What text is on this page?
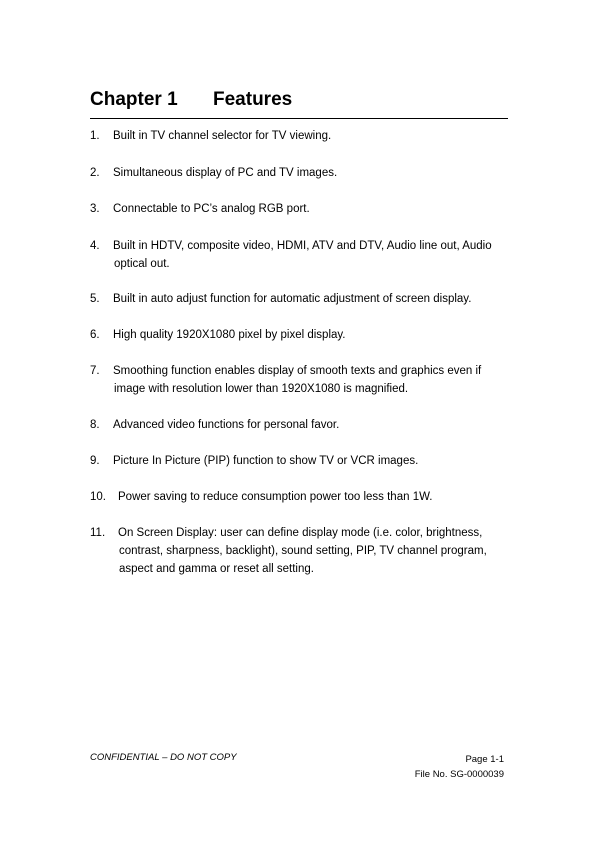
Chapter 1 Features
1.	Built in TV channel selector for TV viewing.
2.	Simultaneous display of PC and TV images.
3.	Connectable to PC’s analog RGB port.
4.	Built in HDTV, composite video, HDMI, ATV and DTV, Audio line out, Audio optical out.
5.	Built in auto adjust function for automatic adjustment of screen display.
6.	High quality 1920X1080 pixel by pixel display.
7.	Smoothing function enables display of smooth texts and graphics even if image with resolution lower than 1920X1080 is magnified.
8.	Advanced video functions for personal favor.
9.	Picture In Picture (PIP) function to show TV or VCR images.
10.	Power saving to reduce consumption power too less than 1W.
11.	On Screen Display: user can define display mode (i.e. color, brightness, contrast, sharpness, backlight), sound setting, PIP, TV channel program, aspect and gamma or reset all setting.
CONFIDENTIAL – DO NOT COPY	Page 1-1
File No. SG-0000039
